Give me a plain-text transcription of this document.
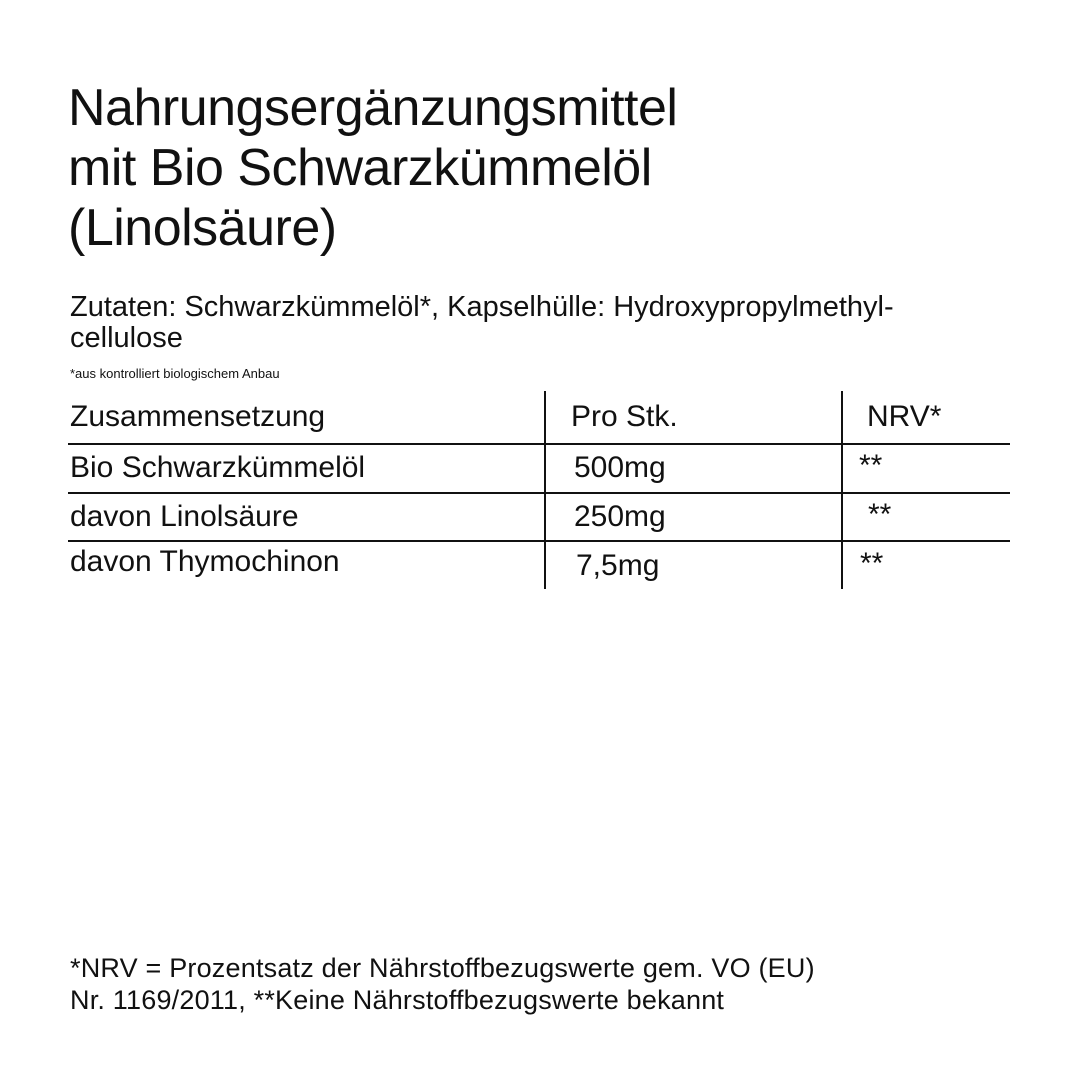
Nahrungsergänzungsmittel
mit Bio Schwarzkümmelöl
(Linolsäure)

Zutaten: Schwarzkümmelöl*, Kapselhülle: Hydroxypropylmethyl-
cellulose

*aus kontrolliert biologischem Anbau
Zusammensetzung	Pro Stk.	NRV*
Bio Schwarzkümmelöl	500mg	**
davon Linolsäure	250mg	**
davon Thymochinon	7,5mg	**
*NRV = Prozentsatz der Nährstoffbezugswerte gem. VO (EU)
Nr. 1169/2011, **Keine Nährstoffbezugswerte bekannt
